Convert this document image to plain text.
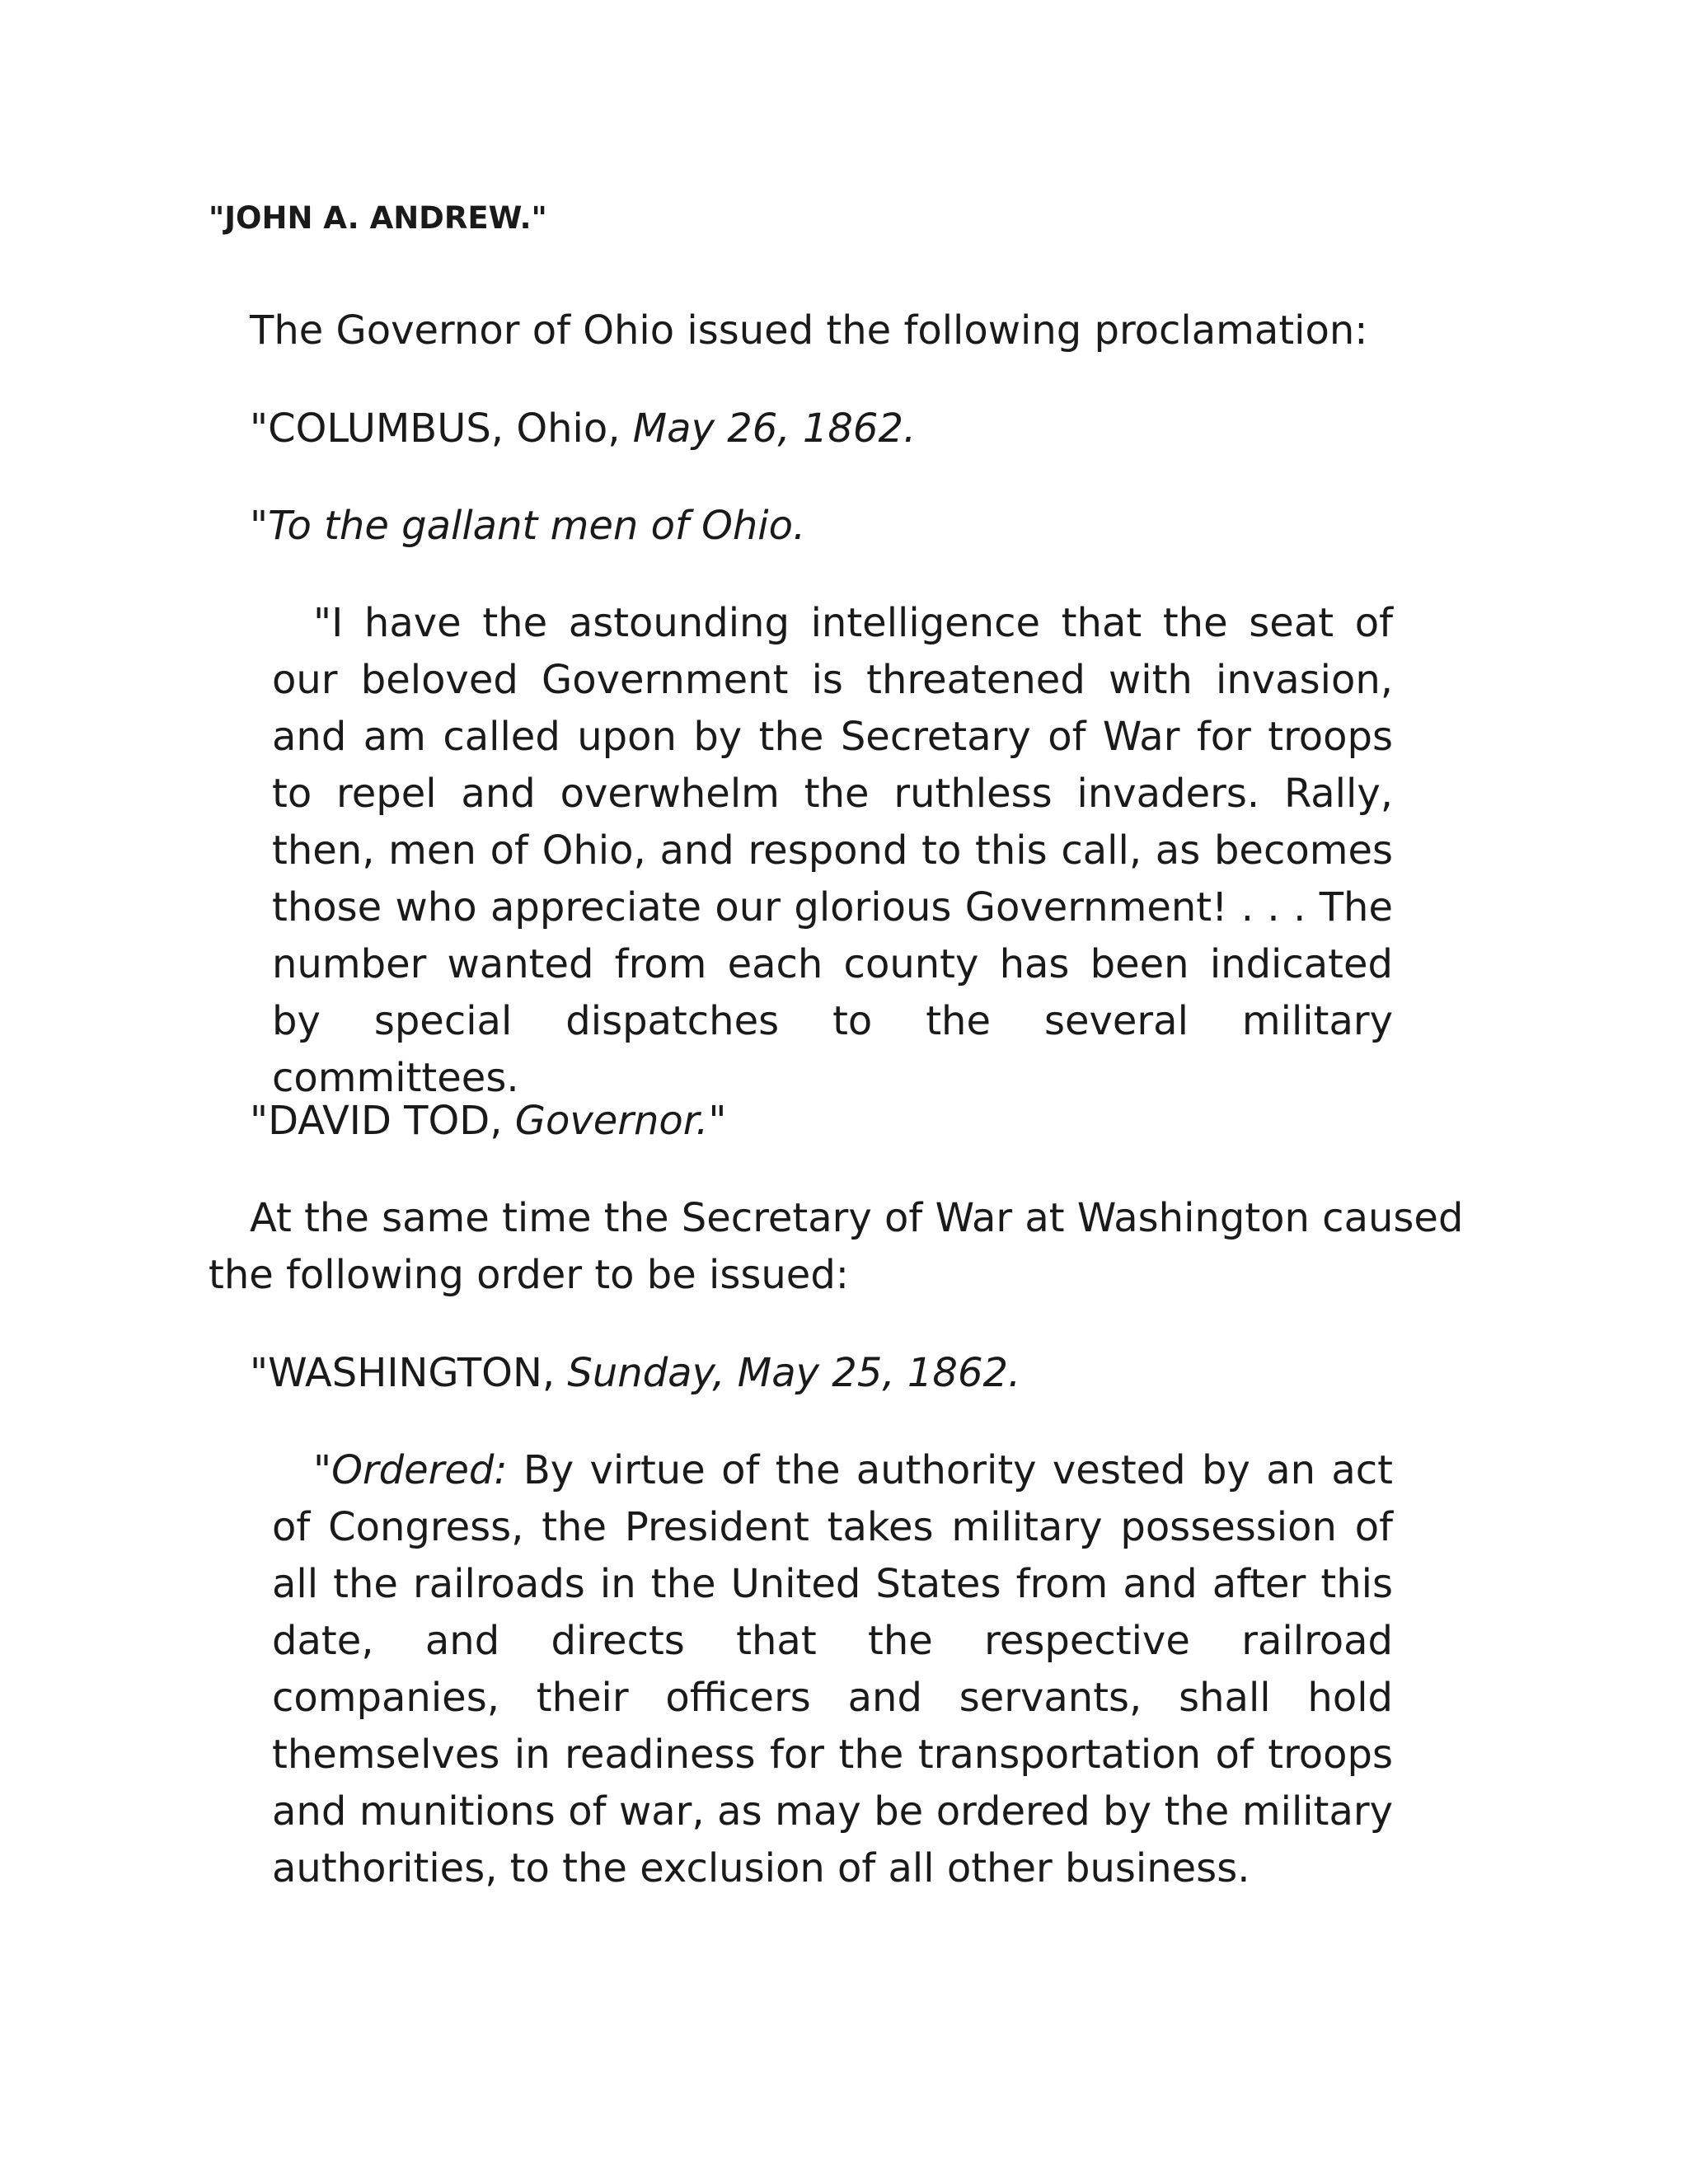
"JOHN A. ANDREW."

The Governor of Ohio issued the following proclamation:

"COLUMBUS, Ohio, May 26, 1862.

"To the gallant men of Ohio.

"I have the astounding intelligence that the seat of our beloved Government is threatened with invasion, and am called upon by the Secretary of War for troops to repel and overwhelm the ruthless invaders. Rally, then, men of Ohio, and respond to this call, as becomes those who appreciate our glorious Government! . . . The number wanted from each county has been indicated by special dispatches to the several military committees.

"DAVID TOD, Governor."

At the same time the Secretary of War at Washington caused the following order to be issued:

"WASHINGTON, Sunday, May 25, 1862.

"Ordered: By virtue of the authority vested by an act of Congress, the President takes military possession of all the railroads in the United States from and after this date, and directs that the respective railroad companies, their officers and servants, shall hold themselves in readiness for the transportation of troops and munitions of war, as may be ordered by the military authorities, to the exclusion of all other business.
